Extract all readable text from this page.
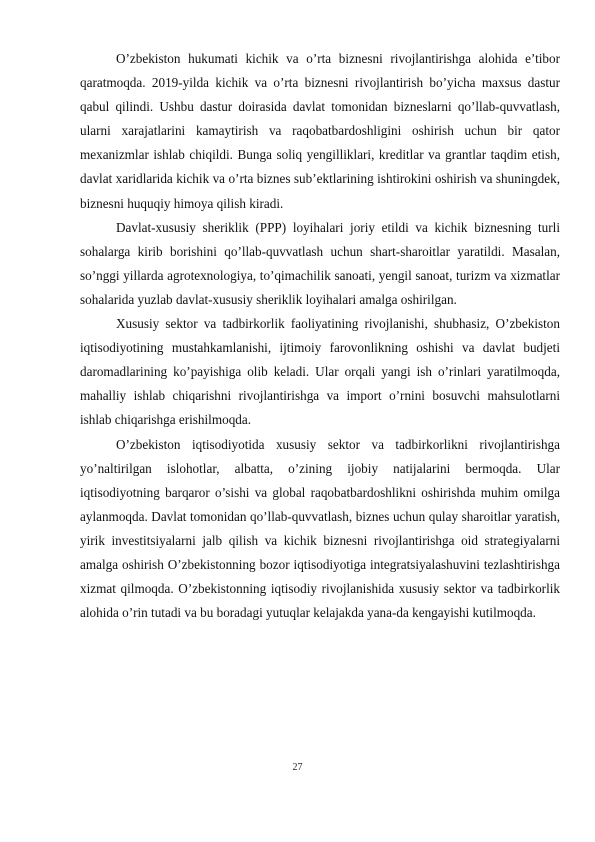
O’zbekiston hukumati kichik va o’rta biznesni rivojlantirishga alohida e’tibor qaratmoqda. 2019-yilda kichik va o’rta biznesni rivojlantirish bo’yicha maxsus dastur qabul qilindi. Ushbu dastur doirasida davlat tomonidan bizneslarni qo’llab-quvvatlash, ularni xarajatlarini kamaytirish va raqobatbardoshligini oshirish uchun bir qator mexanizmlar ishlab chiqildi. Bunga soliq yengilliklari, kreditlar va grantlar taqdim etish, davlat xaridlarida kichik va o’rta biznes sub’ektlarining ishtirokini oshirish va shuningdek, biznesni huquqiy himoya qilish kiradi.

Davlat-xususiy sheriklik (PPP) loyihalari joriy etildi va kichik biznesning turli sohalarga kirib borishini qo’llab-quvvatlash uchun shart-sharoitlar yaratildi. Masalan, so’nggi yillarda agrotexnologiya, to’qimachilik sanoati, yengil sanoat, turizm va xizmatlar sohalarida yuzlab davlat-xususiy sheriklik loyihalari amalga oshirilgan.

Xususiy sektor va tadbirkorlik faoliyatining rivojlanishi, shubhasiz, O’zbekiston iqtisodiyotining mustahkamlanishi, ijtimoiy farovonlikning oshishi va davlat budjeti daromadlarining ko’payishiga olib keladi. Ular orqali yangi ish o’rinlari yaratilmoqda, mahalliy ishlab chiqarishni rivojlantirishga va import o’rnini bosuvchi mahsulotlarni ishlab chiqarishga erishilmoqda.

O’zbekiston iqtisodiyotida xususiy sektor va tadbirkorlikni rivojlantirishga yo’naltirilgan islohotlar, albatta, o’zining ijobiy natijalarini bermoqda. Ular iqtisodiyotning barqaror o’sishi va global raqobatbardoshlikni oshirishda muhim omilga aylanmoqda. Davlat tomonidan qo’llab-quvvatlash, biznes uchun qulay sharoitlar yaratish, yirik investitsiyalarni jalb qilish va kichik biznesni rivojlantirishga oid strategiyalarni amalga oshirish O’zbekistonning bozor iqtisodiyotiga integratsiyalashuvini tezlashtirishga xizmat qilmoqda. O’zbekistonning iqtisodiy rivojlanishida xususiy sektor va tadbirkorlik alohida o’rin tutadi va bu boradagi yutuqlar kelajakda yana-da kengayishi kutilmoqda.

27
